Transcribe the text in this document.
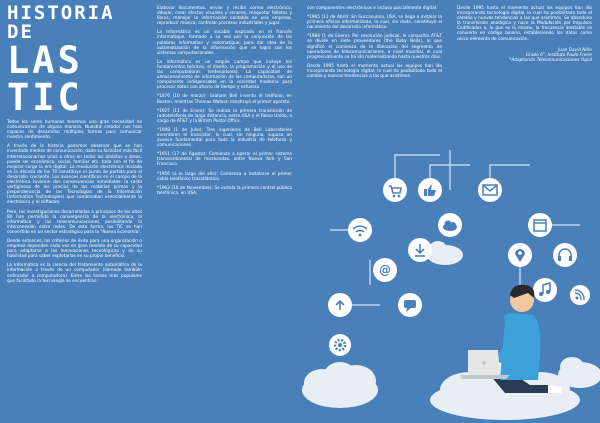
HISTORIA DE
LAS TIC

Todos los seres humanos tenemos una gran necesidad de comunicarnos de alguna manera. Nuestra creador nos hizo capaces de desarrollar múltiples formas para comunicar nuestro sentimiento.

A través de la historia podemos observar que se han inventado medios de comunicación, dada su facilidad más fácil interrelacionarnos unos a otros en todos los ámbitos o áreas, puede ser económica, social, familiar etc. todo con el fin de mejorar surge la era digital .La revolución electrónica iniciada en la década de los 70 constituye el punto de partida para el desarrollo creciente. Los avances científicos en el campo de la electrónica tuvieron dos consecuencias inmediatas: la caída vertiginosa de los precios de las materias primas y la preponderancia de las Tecnologías de la Información (Information Technologies) que combinaban esencialmente la electrónica y el software.

Pero, las investigaciones desarrolladas a principios de los años 80 han permitido la convergencia de la electrónica, la informática y las telecomunicaciones posibilitando la interconexión entre redes. De esta forma, las TIC se han convertido en un sector estratégico para la "Nueva Economía".

Desde entonces, los criterios de éxito para una organización o empresa dependen cada vez en gran medida de su capacidad para adaptarse a las innovaciones tecnológicas y de su habilidad para saber explotarlas en su propio beneficio.

La Informática es la ciencia del tratamiento automático de la información a través de un computador (llamado también ordenador o computadora). Entre las tareas más populares que facilitado la tecnología se encuentran:

Elaborar documentos, enviar y recibir correo electrónico, dibujar, crear efectos visuales y sonoros, maquetar folletos y libros, manejar la información contable en una empresa, reproducir música, controlar procesos industriales y jugar.

La Informática es un vocablo inspirado en el francés informatique, formado a su vez por la conjunción de las palabras information y automatique, para dar idea de la automatización de la información que se logra con los sistemas computacionales.

La informática es un amplio campo que incluye los fundamentos teóricos, el diseño, la programación y el uso de las computadoras (ordenadores). La capacidad de almacenamiento de información de las computadoras, son un componente indispensable en la sociedad moderna para procesar datos con ahorro de tiempo y esfuerzo.

*1876 (10 de marzo): Graham Bell invento el teléfono, en Boston, mientras Thomas Watson construyó el primer aparato.

*1927 (11 de Enero): Se realiza la primera transmisión de radiotelefonía de larga distancia, entre USA y el Reino Unido, a cargo de AT&T y la British Postal Office.

*1948 (1 de Julio): Tres ingenieros de Bell Laboratories inventaron el transistor, lo cual, sin ninguna, supuso un avance fundamental para toda la industria de telefonía y comunicaciones.

*1951 (17 de Agosto): Comienza a operar el primer sistema transcontinental de microondas, entre Nueva York y San Francisco.

*1956 (a lo largo del año): Comienza a instalarse el primer cable telefónico trasatlántico.

*1963 (10 de Noviembre): Se instala la primera central pública telefónica, en USA,

con componentes electrónicos e incluso parcialmente digital.

*1965 (11 de Abril): En Succasunna, USA, se llega a instalar la primera oficina informatizada, lo cual, sin duda, constituyó el nacimiento del desarrollo informático.

*1984 (1 de Enero): Por resolución judicial, la compañía AT&T se divide en siete proveedores (the Baby Bells), lo que significó el comienzo de la liberación del segmento de operadores de telecomunicaciones, a nivel mundial, el cual progresivamente se ha ido materializando hasta nuestros días.

Desde 1995 hasta el momento actual los equipos han ido incorporando tecnología digital, lo cual ha posibilitado todo el cambio y nuevas tendencias a las que asistimos.

Desde 1995 hasta el momento actual los equipos han ido incorporando tecnología digital, lo cual ha posibilitado todo el cambio y nuevas tendencias a las que asistimos. Se abandona la transmisión analógica y nace la Modulación por Impulsos Codificados o, lo que es lo mismo, la frecuencia inestable se convierte en código binario, estableciendo los datos como único elemento de comunicación.

Juan David Niño
Grado 6°, Instituto Paulo Freire
*Adaptación Telecomunicaciones Yopal
@
